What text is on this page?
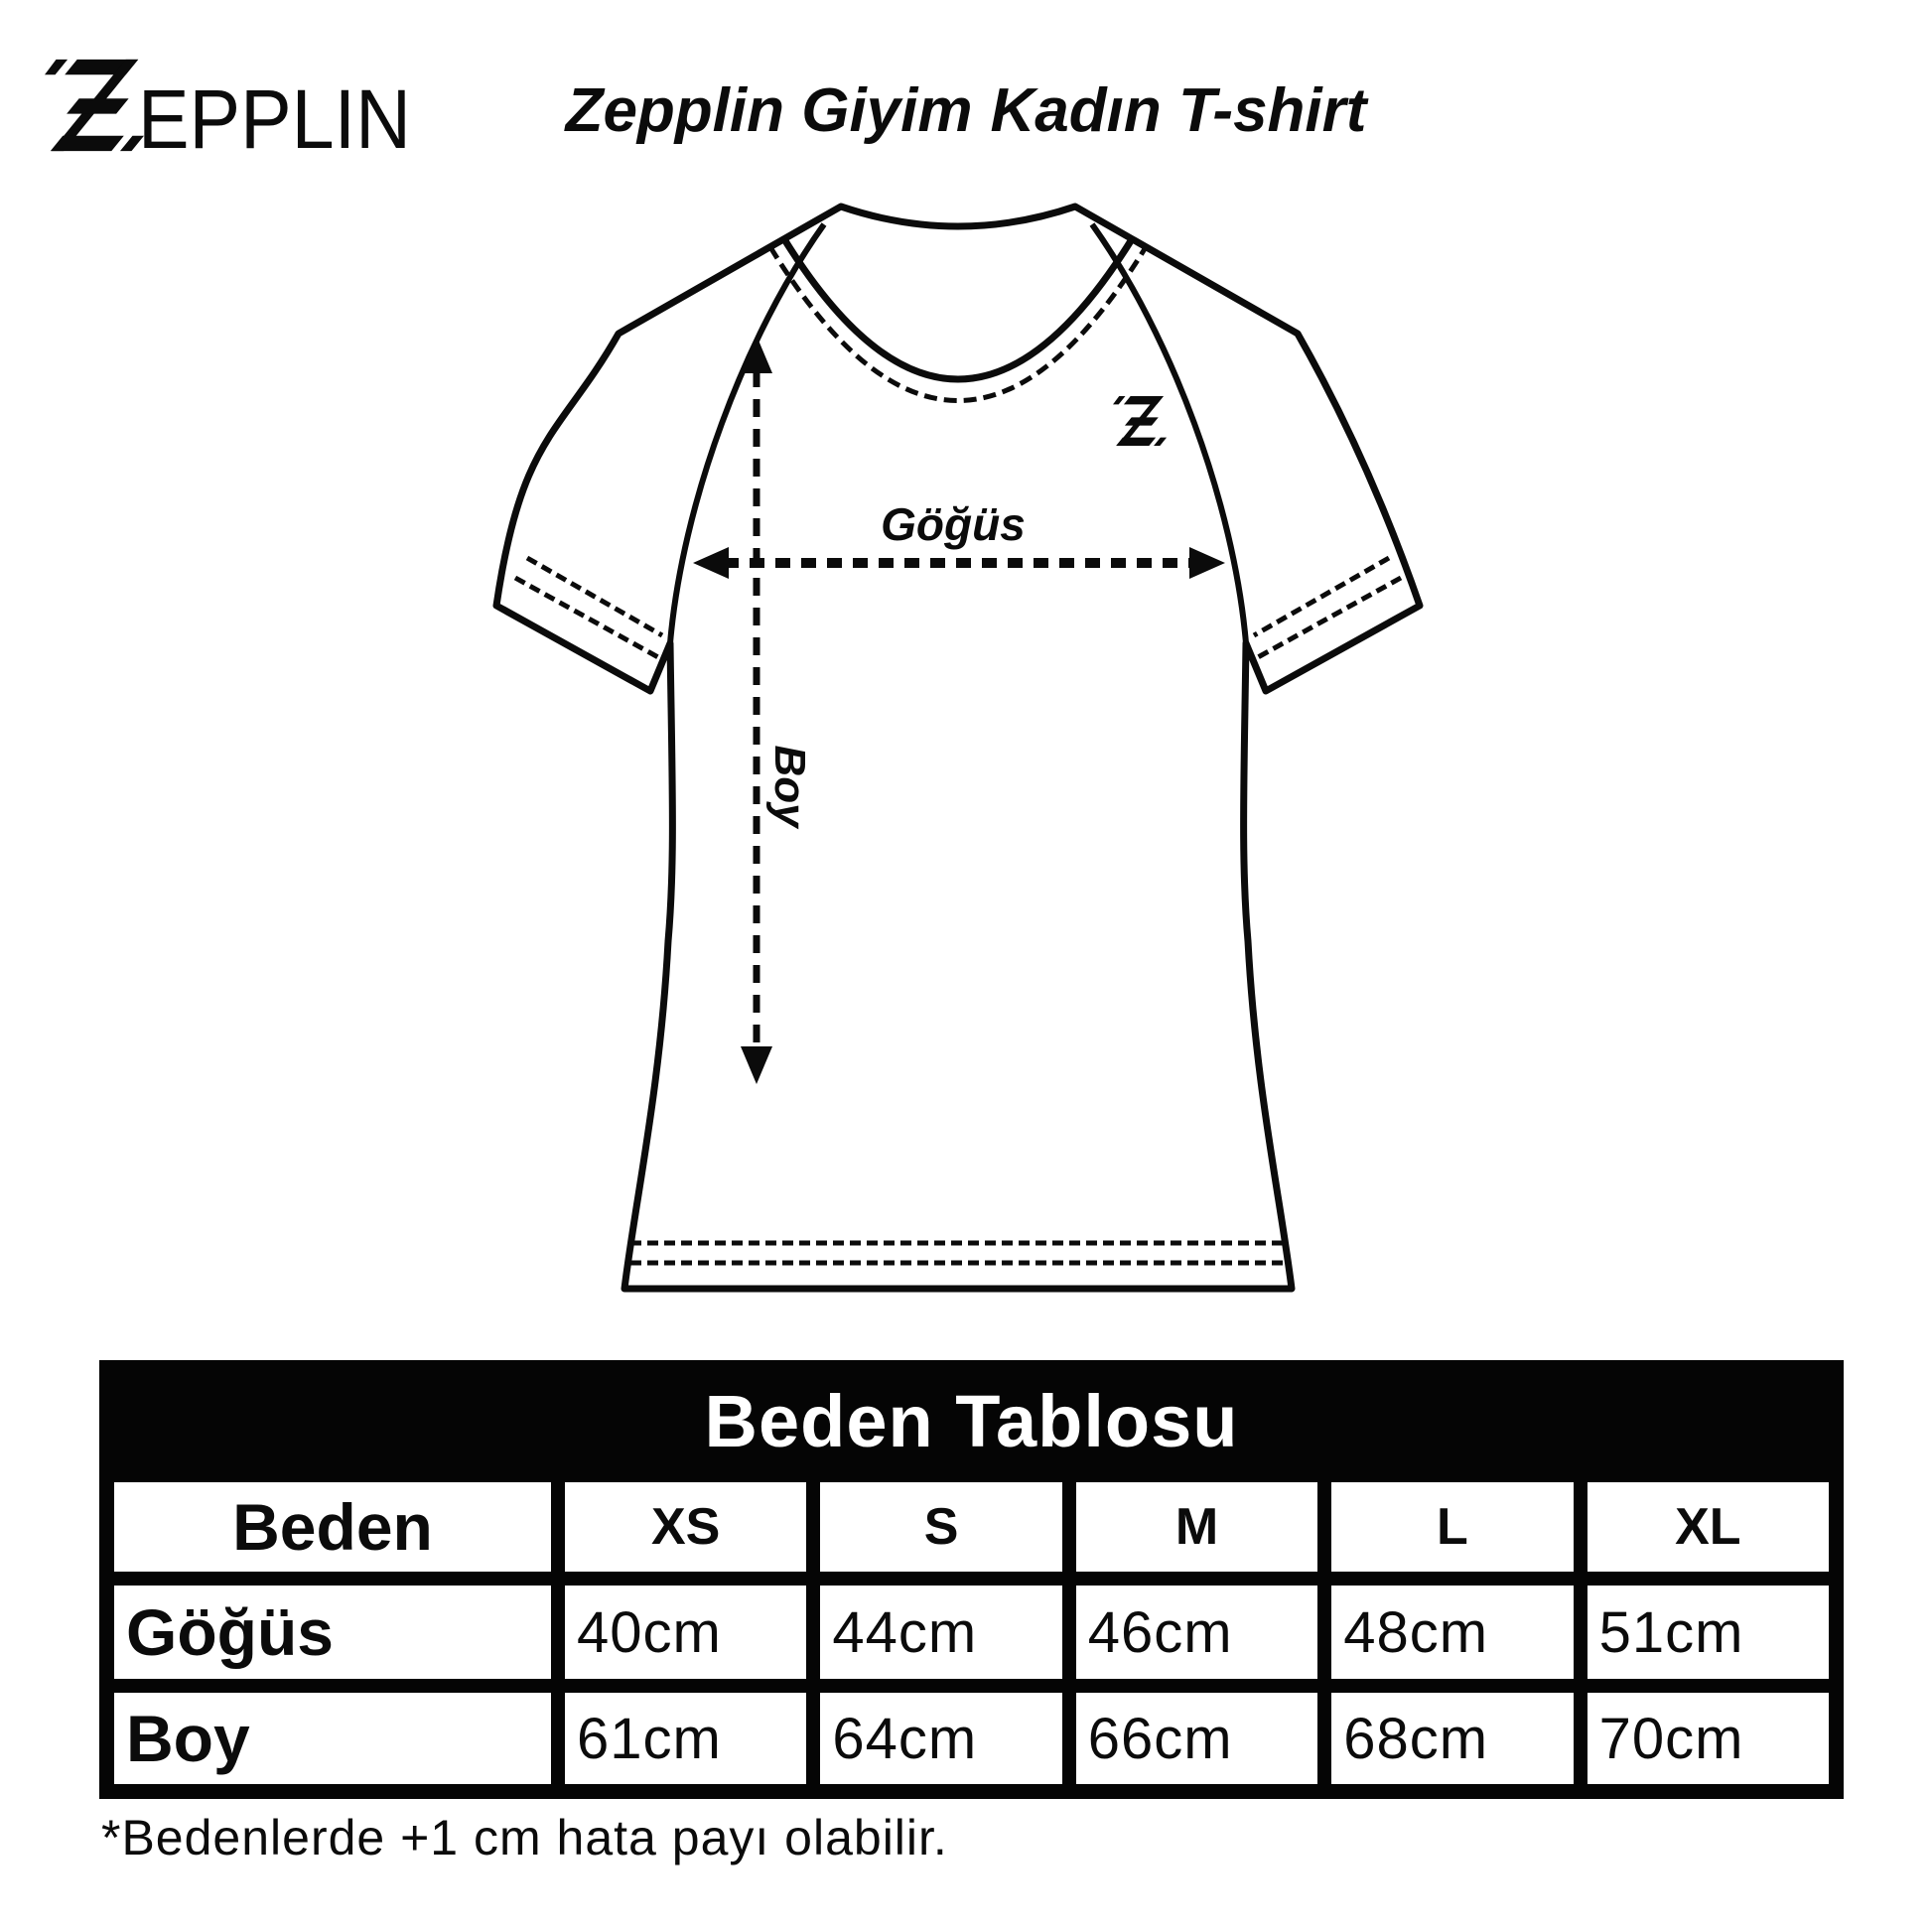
EPPLIN	Zepplin Giyim Kadın T-shirt
Göğüs
Boy
Beden Tablosu
Beden	XS	S	M	L	XL
Göğüs	40cm	44cm	46cm	48cm	51cm
Boy	61cm	64cm	66cm	68cm	70cm
*Bedenlerde +1 cm hata payı olabilir.
